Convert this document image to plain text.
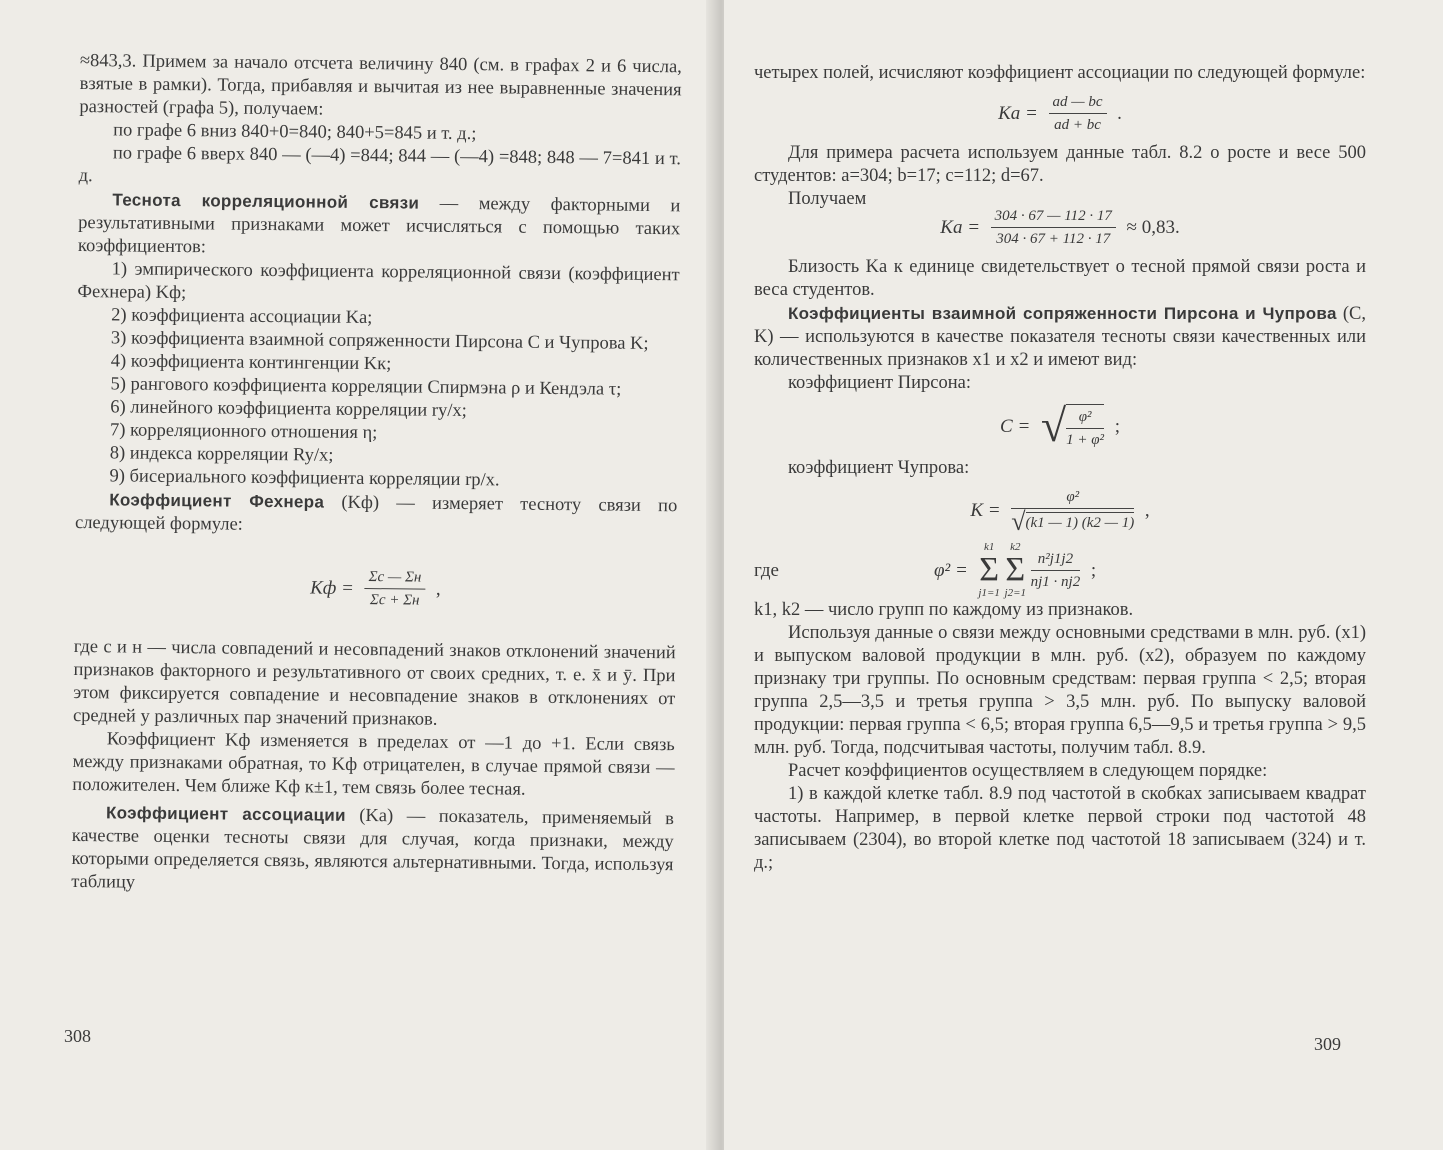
≈843,3. Примем за начало отсчета величину 840 (см. в графах 2 и 6 числа, взятые в рамки). Тогда, прибавляя и вычитая из нее выравненные значения разностей (графа 5), получаем:

по графе 6 вниз 840+0=840; 840+5=845 и т. д.;

по графе 6 вверх 840 — (—4) =844; 844 — (—4) =848; 848 — 7=841 и т. д.

Теснота корреляционной связи — между факторными и результативными признаками может исчисляться с помощью таких коэффициентов:

1) эмпирического коэффициента корреляционной связи (коэффициент Фехнера) Kф;

2) коэффициента ассоциации Ka;

3) коэффициента взаимной сопряженности Пирсона C и Чупрова K;

4) коэффициента контингенции Kк;

5) рангового коэффициента корреляции Спирмэна ρ и Кендэла τ;

6) линейного коэффициента корреляции ry/x;

7) корреляционного отношения η;

8) индекса корреляции Ry/x;

9) бисериального коэффициента корреляции rp/x.

Коэффициент Фехнера (Kф) — измеряет тесноту связи по следующей формуле:

Kф = $\frac{\Sigma c — \Sigma н}{\Sigma c + \Sigma н}$ ,

где с и н — числа совпадений и несовпадений знаков отклонений значений признаков факторного и результативного от своих средних, т. е. x̄ и ȳ. При этом фиксируется совпадение и несовпадение знаков в отклонениях от средней у различных пар значений признаков.

Коэффициент Kф изменяется в пределах от —1 до +1. Если связь между признаками обратная, то Kф отрицателен, в случае прямой связи — положителен. Чем ближе Kф к±1, тем связь более тесная.

Коэффициент ассоциации (Ka) — показатель, применяемый в качестве оценки тесноты связи для случая, когда признаки, между которыми определяется связь, являются альтернативными. Тогда, используя таблицу

308

четырех полей, исчисляют коэффициент ассоциации по следующей формуле:

$Ka = \frac{ad — bc}{ad + bc}$ .

Для примера расчета используем данные табл. 8.2 о росте и весе 500 студентов: a=304; b=17; c=112; d=67.

Получаем

$Ka = \frac{304 \cdot 67 — 112 \cdot 17}{304 \cdot 67 + 112 \cdot 17} \approx 0,83$.

Близость Ka к единице свидетельствует о тесной прямой связи роста и веса студентов.

Коэффициенты взаимной сопряженности Пирсона и Чупрова (C, K) — используются в качестве показателя тесноты связи качественных или количественных признаков x1 и x2 и имеют вид:

коэффициент Пирсона:

C = √ $\frac{\text{φ²}}{\text{1 + φ²}}$ ;

коэффициент Чупрова:

$K = \frac{\text{φ²}}{√(k1 — 1) (k2 — 1)}$ ,
где	φ² =
k1
Σ
j1=1

k2
Σ
j2=1

$\frac{\text{n²j1j2}}{nj1 \cdot nj2}$ ;

k1, k2 — число групп по каждому из признаков.

Используя данные о связи между основными средствами в млн. руб. (x1) и выпуском валовой продукции в млн. руб. (x2), образуем по каждому признаку три группы. По основным средствам: первая группа < 2,5; вторая группа 2,5—3,5 и третья группа > 3,5 млн. руб. По выпуску валовой продукции: первая группа < 6,5; вторая группа 6,5—9,5 и третья группа > 9,5 млн. руб. Тогда, подсчитывая частоты, получим табл. 8.9.

Расчет коэффициентов осуществляем в следующем порядке:

1) в каждой клетке табл. 8.9 под частотой в скобках записываем квадрат частоты. Например, в первой клетке первой строки под частотой 48 записываем (2304), во второй клетке под частотой 18 записываем (324) и т. д.;

309
